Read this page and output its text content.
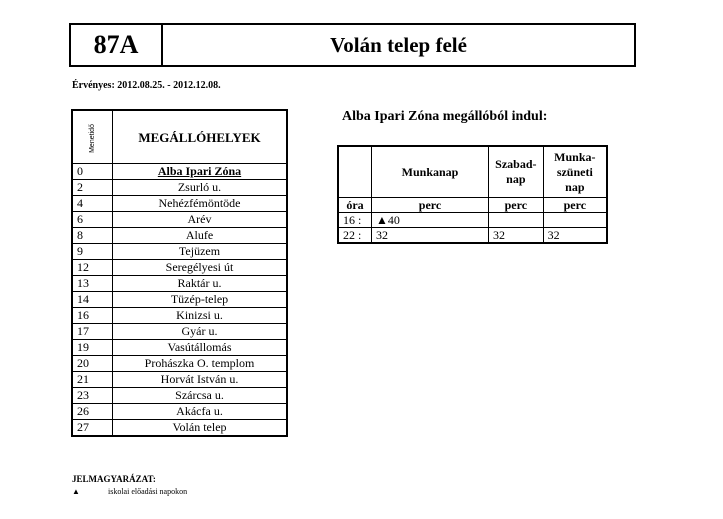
87A	Volán telep felé
Érvényes: 2012.08.25. - 2012.12.08.
Menetidő	MEGÁLLÓHELYEK
0	Alba Ipari Zóna
2	Zsurló u.
4	Nehézfémöntöde
6	Arév
8	Alufe
9	Tejüzem
12	Seregélyesi út
13	Raktár u.
14	Tüzép-telep
16	Kinizsi u.
17	Gyár u.
19	Vasútállomás
20	Prohászka O. templom
21	Horvát István u.
23	Szárcsa u.
26	Akácfa u.
27	Volán telep
Alba Ipari Zóna megállóból indul:
	Munkanap	Szabad-nap	Munka-szüneti nap
óra	perc	perc	perc
16 :	▲40		
22 :	32	32	32
JELMAGYARÁZAT:
▲	iskolai előadási napokon
